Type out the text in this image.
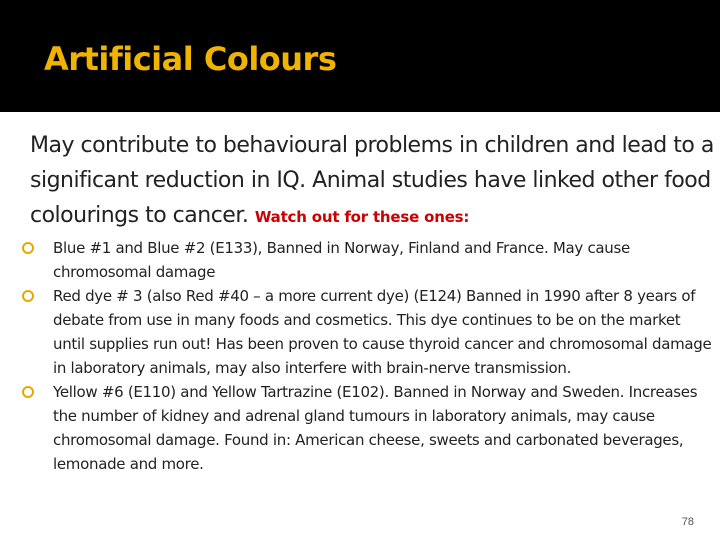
Artificial Colours

May contribute to behavioural problems in children and lead to a significant reduction in IQ. Animal studies have linked other food colourings to cancer. Watch out for these ones:

Blue #1 and Blue #2 (E133), Banned in Norway, Finland and France. May cause chromosomal damage
Red dye # 3 (also Red #40 – a more current dye) (E124) Banned in 1990 after 8 years of debate from use in many foods and cosmetics. This dye continues to be on the market until supplies run out! Has been proven to cause thyroid cancer and chromosomal damage in laboratory animals, may also interfere with brain-nerve transmission.
Yellow #6 (E110) and Yellow Tartrazine (E102). Banned in Norway and Sweden. Increases the number of kidney and adrenal gland tumours in laboratory animals, may cause chromosomal damage. Found in: American cheese, sweets and carbonated beverages, lemonade and more.
78
